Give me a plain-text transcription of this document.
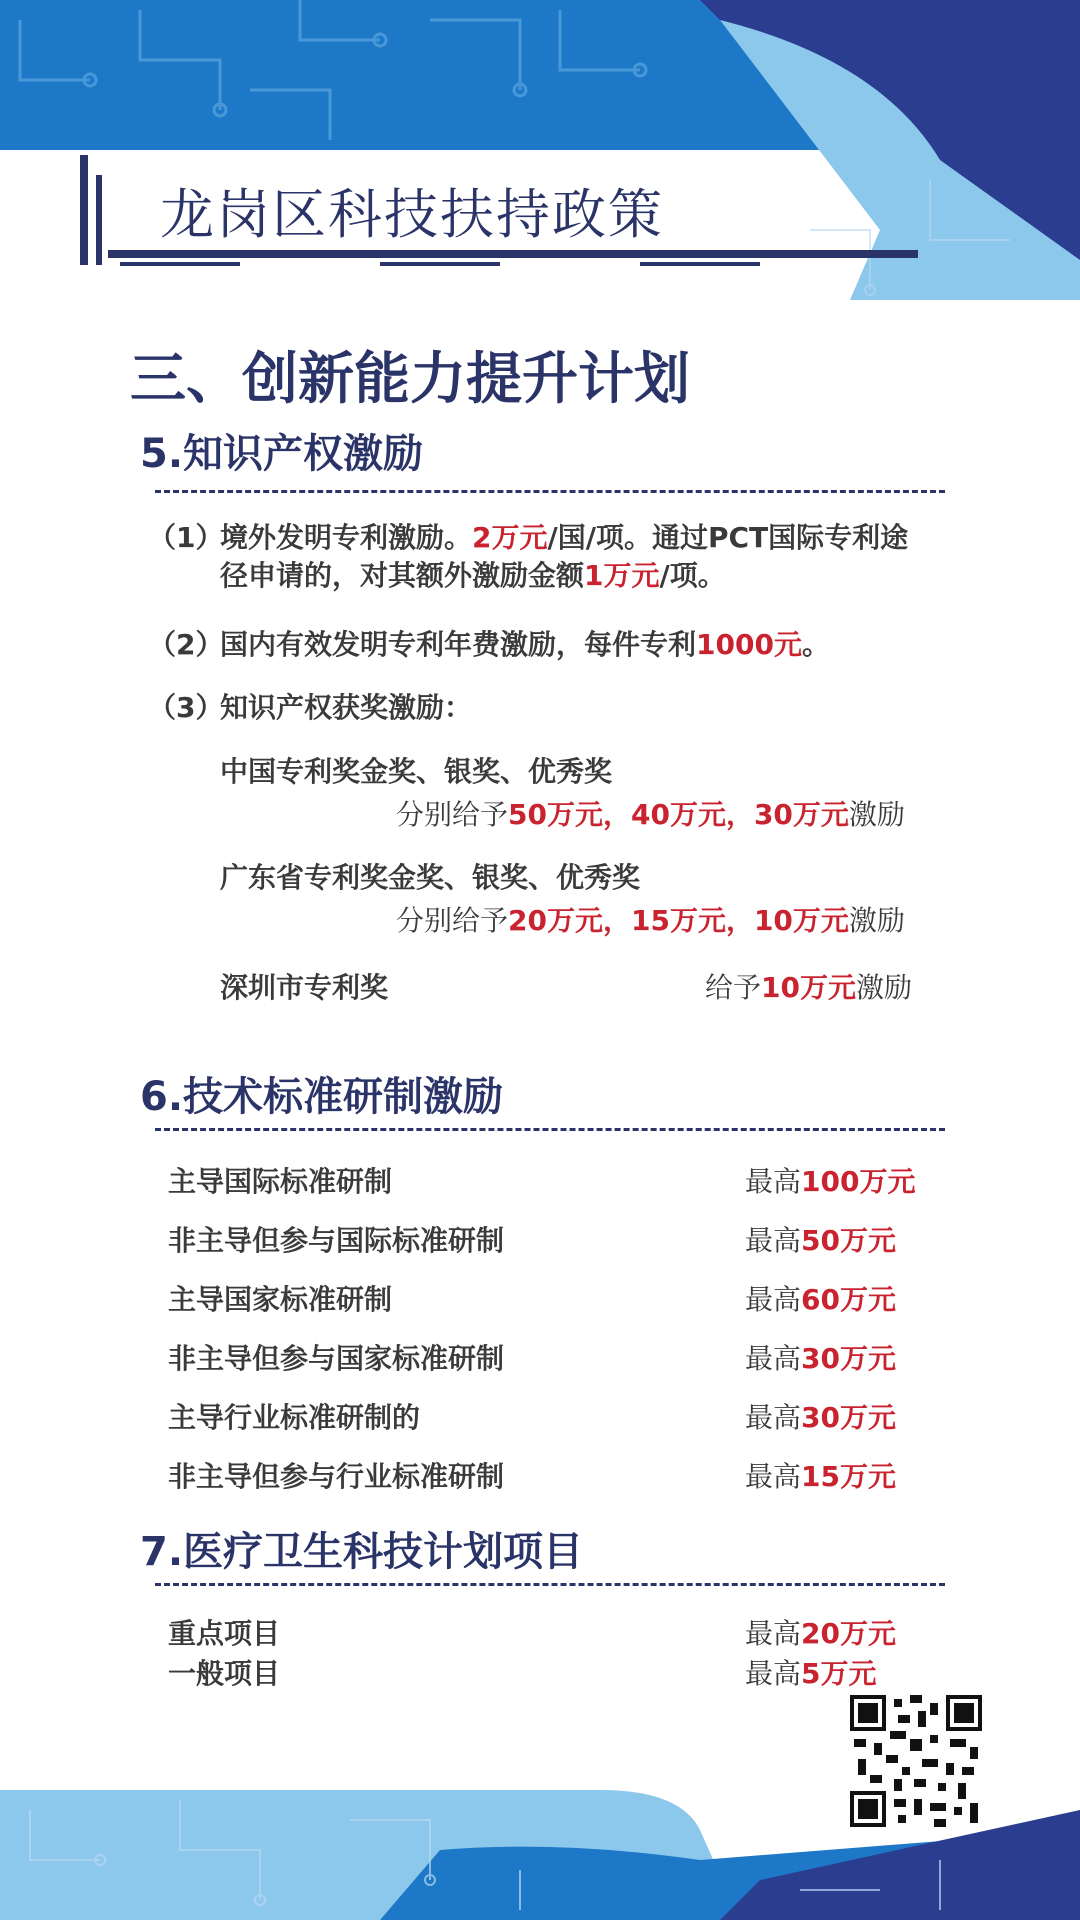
龙岗区科技扶持政策
三、创新能力提升计划
5.知识产权激励
（1）
境外发明专利激励。2万元/国/项。通过PCT国际专利途
径申请的，对其额外激励金额1万元/项。
（2）
国内有效发明专利年费激励，每件专利1000元。
（3）
知识产权获奖激励：
中国专利奖金奖、银奖、优秀奖
分别给予50万元，40万元，30万元激励
广东省专利奖金奖、银奖、优秀奖
分别给予20万元，15万元，10万元激励
深圳市专利奖	给予10万元激励
6.技术标准研制激励
主导国际标准研制	最高100万元
非主导但参与国际标准研制	最高50万元
主导国家标准研制	最高60万元
非主导但参与国家标准研制	最高30万元
主导行业标准研制的	最高30万元
非主导但参与行业标准研制	最高15万元
7.医疗卫生科技计划项目
重点项目	最高20万元
一般项目	最高5万元
